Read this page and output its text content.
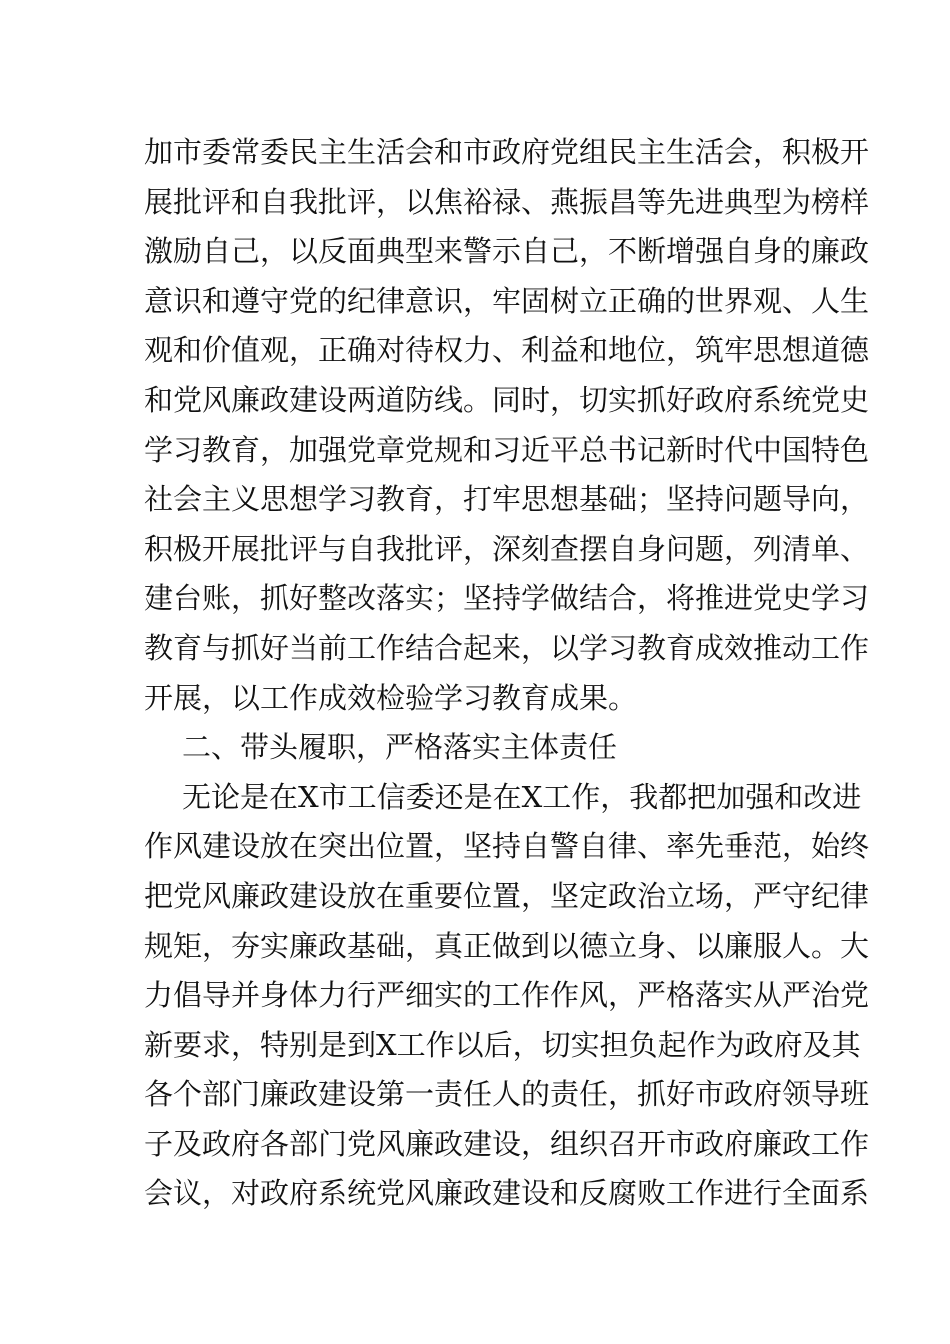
加市委常委民主生活会和市政府党组民主生活会，积极开
展批评和自我批评，以焦裕禄、燕振昌等先进典型为榜样
激励自己，以反面典型来警示自己，不断增强自身的廉政
意识和遵守党的纪律意识，牢固树立正确的世界观、人生
观和价值观，正确对待权力、利益和地位，筑牢思想道德
和党风廉政建设两道防线。同时，切实抓好政府系统党史
学习教育，加强党章党规和习近平总书记新时代中国特色
社会主义思想学习教育，打牢思想基础；坚持问题导向，
积极开展批评与自我批评，深刻查摆自身问题，列清单、
建台账，抓好整改落实；坚持学做结合，将推进党史学习
教育与抓好当前工作结合起来，以学习教育成效推动工作
开展，以工作成效检验学习教育成果。
二、带头履职，严格落实主体责任
无论是在X市工信委还是在X工作，我都把加强和改进
作风建设放在突出位置，坚持自警自律、率先垂范，始终
把党风廉政建设放在重要位置，坚定政治立场，严守纪律
规矩，夯实廉政基础，真正做到以德立身、以廉服人。大
力倡导并身体力行严细实的工作作风，严格落实从严治党
新要求，特别是到X工作以后，切实担负起作为政府及其
各个部门廉政建设第一责任人的责任，抓好市政府领导班
子及政府各部门党风廉政建设，组织召开市政府廉政工作
会议，对政府系统党风廉政建设和反腐败工作进行全面系
